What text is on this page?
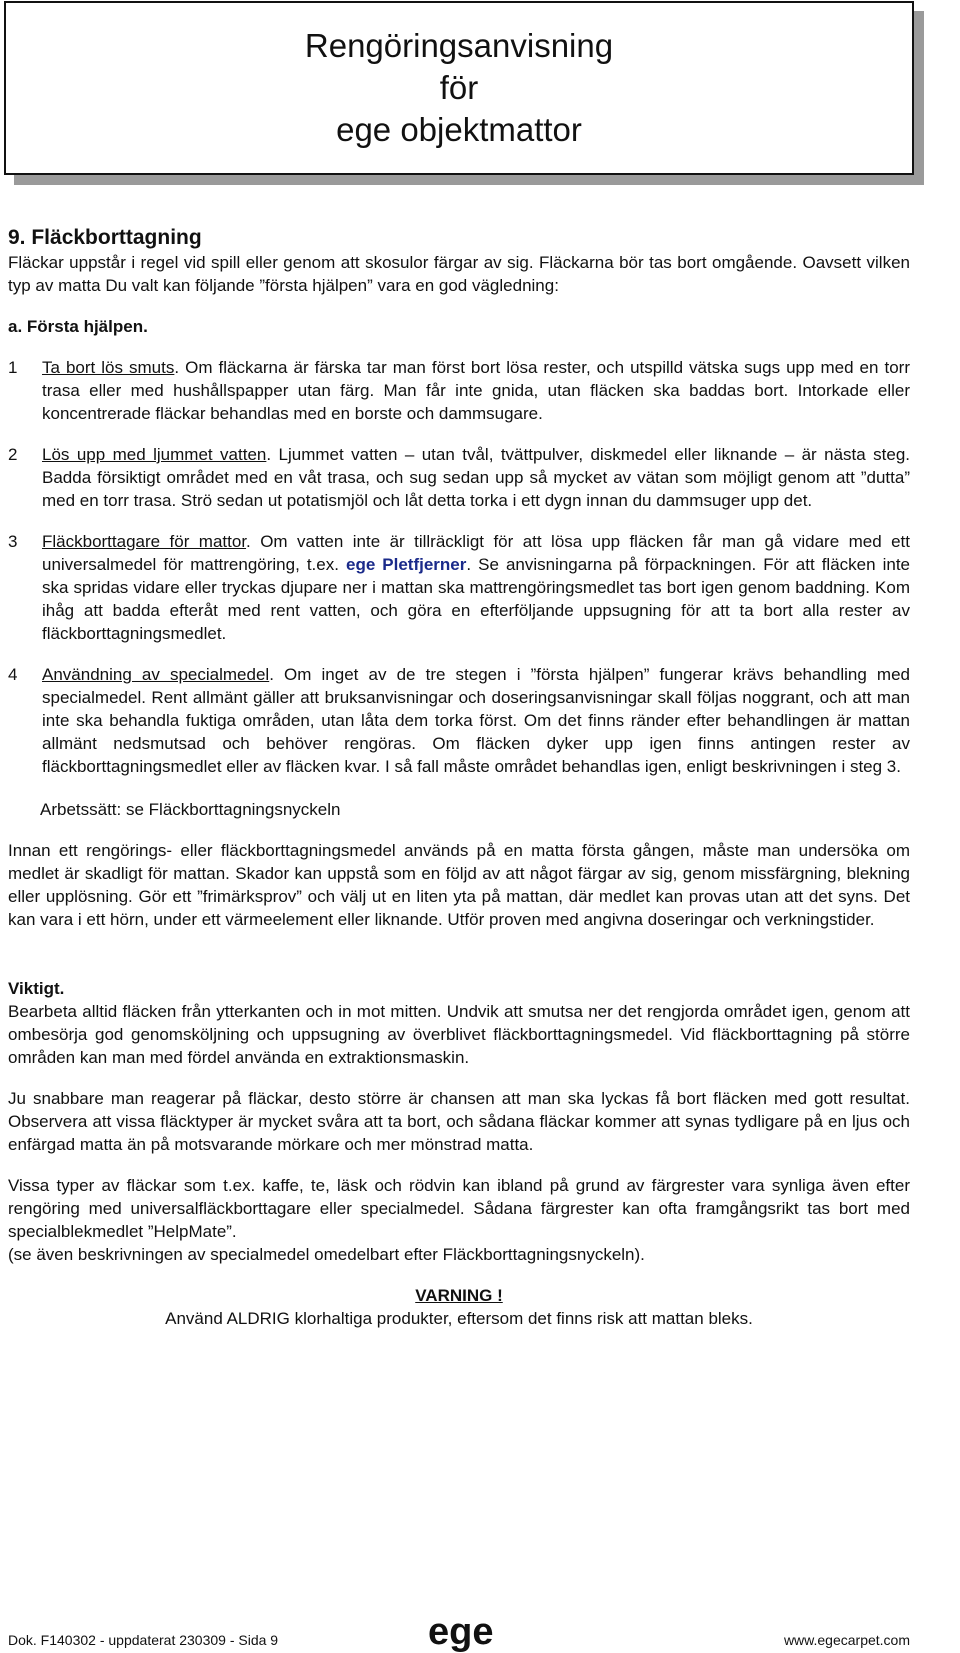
Rengöringsanvisning
för
ege objektmattor
9. Fläckborttagning

Fläckar uppstår i regel vid spill eller genom att skosulor färgar av sig. Fläckarna bör tas bort omgående. Oavsett vilken typ av matta Du valt kan följande ”första hjälpen” vara en god vägledning:

a. Första hjälpen.

1	Ta bort lös smuts. Om fläckarna är färska tar man först bort lösa rester, och utspilld vätska sugs upp med en torr trasa eller med hushållspapper utan färg. Man får inte gnida, utan fläcken ska baddas bort. Intorkade eller koncentrerade fläckar behandlas med en borste och dammsugare.

2	Lös upp med ljummet vatten. Ljummet vatten – utan tvål, tvättpulver, diskmedel eller liknande – är nästa steg. Badda försiktigt området med en våt trasa, och sug sedan upp så mycket av vätan som möjligt genom att ”dutta” med en torr trasa. Strö sedan ut potatismjöl och låt detta torka i ett dygn innan du dammsuger upp det.

3	Fläckborttagare för mattor. Om vatten inte är tillräckligt för att lösa upp fläcken får man gå vidare med ett universalmedel för mattrengöring, t.ex. ege Pletfjerner. Se anvisningarna på förpackningen. För att fläcken inte ska spridas vidare eller tryckas djupare ner i mattan ska mattrengöringsmedlet tas bort igen genom baddning. Kom ihåg att badda efteråt med rent vatten, och göra en efterföljande uppsugning för att ta bort alla rester av fläckborttagningsmedlet.

4	Användning av specialmedel. Om inget av de tre stegen i ”första hjälpen” fungerar krävs behandling med specialmedel. Rent allmänt gäller att bruksanvisningar och doseringsanvisningar skall följas noggrant, och att man inte ska behandla fuktiga områden, utan låta dem torka först. Om det finns ränder efter behandlingen är mattan allmänt nedsmutsad och behöver rengöras. Om fläcken dyker upp igen finns antingen rester av fläckborttagningsmedlet eller av fläcken kvar. I så fall måste området behandlas igen, enligt beskrivningen i steg 3.

Arbetssätt: se Fläckborttagningsnyckeln

Innan ett rengörings- eller fläckborttagningsmedel används på en matta första gången, måste man undersöka om medlet är skadligt för mattan. Skador kan uppstå som en följd av att något färgar av sig, genom missfärgning, blekning eller upplösning. Gör ett ”frimärksprov” och välj ut en liten yta på mattan, där medlet kan provas utan att det syns. Det kan vara i ett hörn, under ett värmeelement eller liknande. Utför proven med angivna doseringar och verkningstider.

Viktigt.

Bearbeta alltid fläcken från ytterkanten och in mot mitten. Undvik att smutsa ner det rengjorda området igen, genom att ombesörja god genomsköljning och uppsugning av överblivet fläckborttagningsmedel. Vid fläckborttagning på större områden kan man med fördel använda en extraktionsmaskin.

Ju snabbare man reagerar på fläckar, desto större är chansen att man ska lyckas få bort fläcken med gott resultat. Observera att vissa fläcktyper är mycket svåra att ta bort, och sådana fläckar kommer att synas tydligare på en ljus och enfärgad matta än på motsvarande mörkare och mer mönstrad matta.

Vissa typer av fläckar som t.ex. kaffe, te, läsk och rödvin kan ibland på grund av färgrester vara synliga även efter rengöring med universalfläckborttagare eller specialmedel. Sådana färgrester kan ofta framgångsrikt tas bort med specialblekmedlet ”HelpMate”.

(se även beskrivningen av specialmedel omedelbart efter Fläckborttagningsnyckeln).

VARNING !

Använd ALDRIG klorhaltiga produkter, eftersom det finns risk att mattan bleks.

Dok. F140302 - uppdaterat 230309 - Sida 9	ege	www.egecarpet.com
